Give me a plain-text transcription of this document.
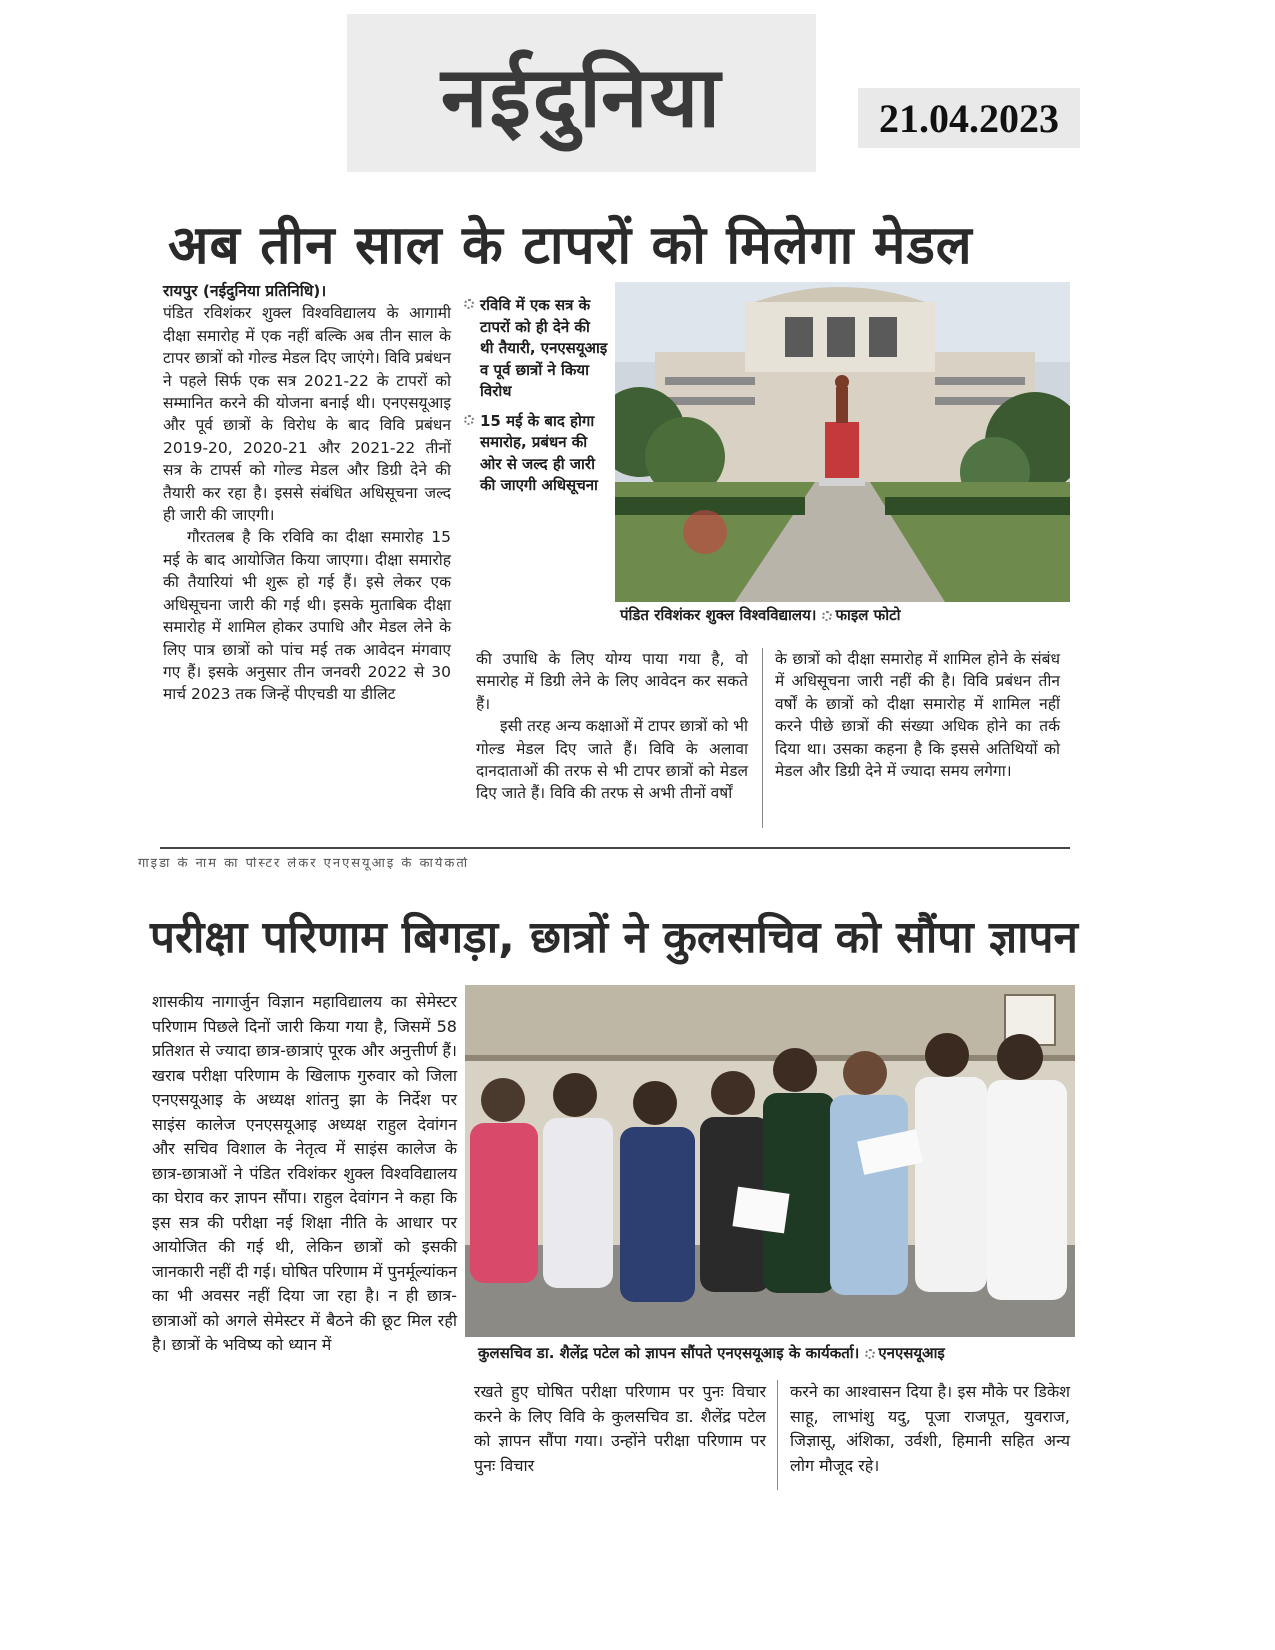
नईदुनिया	21.04.2023
अब तीन साल के टापरों को मिलेगा मेडल

रायपुर (नईदुनिया प्रतिनिधि)।

पंडित रविशंकर शुक्ल विश्वविद्यालय के आगामी दीक्षा समारोह में एक नहीं बल्कि अब तीन साल के टापर छात्रों को गोल्ड मेडल दिए जाएंगे। विवि प्रबंधन ने पहले सिर्फ एक सत्र 2021-22 के टापरों को सम्मानित करने की योजना बनाई थी। एनएसयूआइ और पूर्व छात्रों के विरोध के बाद विवि प्रबंधन 2019-20, 2020-21 और 2021-22 तीनों सत्र के टापर्स को गोल्ड मेडल और डिग्री देने की तैयारी कर रहा है। इससे संबंधित अधिसूचना जल्द ही जारी की जाएगी।

गौरतलब है कि रविवि का दीक्षा समारोह 15 मई के बाद आयोजित किया जाएगा। दीक्षा समारोह की तैयारियां भी शुरू हो गई हैं। इसे लेकर एक अधिसूचना जारी की गई थी। इसके मुताबिक दीक्षा समारोह में शामिल होकर उपाधि और मेडल लेने के लिए पात्र छात्रों को पांच मई तक आवेदन मंगवाए गए हैं। इसके अनुसार तीन जनवरी 2022 से 30 मार्च 2023 तक जिन्हें पीएचडी या डीलिट

रविवि में एक सत्र के टापरों को ही देने की थी तैयारी, एनएसयूआइ व पूर्व छात्रों ने किया विरोध
15 मई के बाद होगा समारोह, प्रबंधन की ओर से जल्द ही जारी की जाएगी अधिसूचना
पंडित रविशंकर शुक्ल विश्वविद्यालय। फाइल फोटो

की उपाधि के लिए योग्य पाया गया है, वो समारोह में डिग्री लेने के लिए आवेदन कर सकते हैं।

इसी तरह अन्य कक्षाओं में टापर छात्रों को भी गोल्ड मेडल दिए जाते हैं। विवि के अलावा दानदाताओं की तरफ से भी टापर छात्रों को मेडल दिए जाते हैं। विवि की तरफ से अभी तीनों वर्षों

के छात्रों को दीक्षा समारोह में शामिल होने के संबंध में अधिसूचना जारी नहीं की है। विवि प्रबंधन तीन वर्षों के छात्रों को दीक्षा समारोह में शामिल नहीं करने पीछे छात्रों की संख्या अधिक होने का तर्क दिया था। उसका कहना है कि इससे अतिथियों को मेडल और डिग्री देने में ज्यादा समय लगेगा।

गाइडा के नाम का पोस्टर लेकर एनएसयूआइ के कार्यकर्ता
परीक्षा परिणाम बिगड़ा, छात्रों ने कुलसचिव को सौंपा ज्ञापन

शासकीय नागार्जुन विज्ञान महाविद्यालय का सेमेस्टर परिणाम पिछले दिनों जारी किया गया है, जिसमें 58 प्रतिशत से ज्यादा छात्र-छात्राएं पूरक और अनुत्तीर्ण हैं। खराब परीक्षा परिणाम के खिलाफ गुरुवार को जिला एनएसयूआइ के अध्यक्ष शांतनु झा के निर्देश पर साइंस कालेज एनएसयूआइ अध्यक्ष राहुल देवांगन और सचिव विशाल के नेतृत्व में साइंस कालेज के छात्र-छात्राओं ने पंडित रविशंकर शुक्ल विश्वविद्यालय का घेराव कर ज्ञापन सौंपा। राहुल देवांगन ने कहा कि इस सत्र की परीक्षा नई शिक्षा नीति के आधार पर आयोजित की गई थी, लेकिन छात्रों को इसकी जानकारी नहीं दी गई। घोषित परिणाम में पुनर्मूल्यांकन का भी अवसर नहीं दिया जा रहा है। न ही छात्र-छात्राओं को अगले सेमेस्टर में बैठने की छूट मिल रही है। छात्रों के भविष्य को ध्यान में	कुलसचिव डा. शैलेंद्र पटेल को ज्ञापन सौंपते एनएसयूआइ के कार्यकर्ता। एनएसयूआइ

रखते हुए घोषित परीक्षा परिणाम पर पुनः विचार करने के लिए विवि के कुलसचिव डा. शैलेंद्र पटेल को ज्ञापन सौंपा गया। उन्होंने परीक्षा परिणाम पर पुनः विचार

करने का आश्वासन दिया है। इस मौके पर डिकेश साहू, लाभांशु यदु, पूजा राजपूत, युवराज, जिज्ञासू, अंशिका, उर्वशी, हिमानी सहित अन्य लोग मौजूद रहे।
